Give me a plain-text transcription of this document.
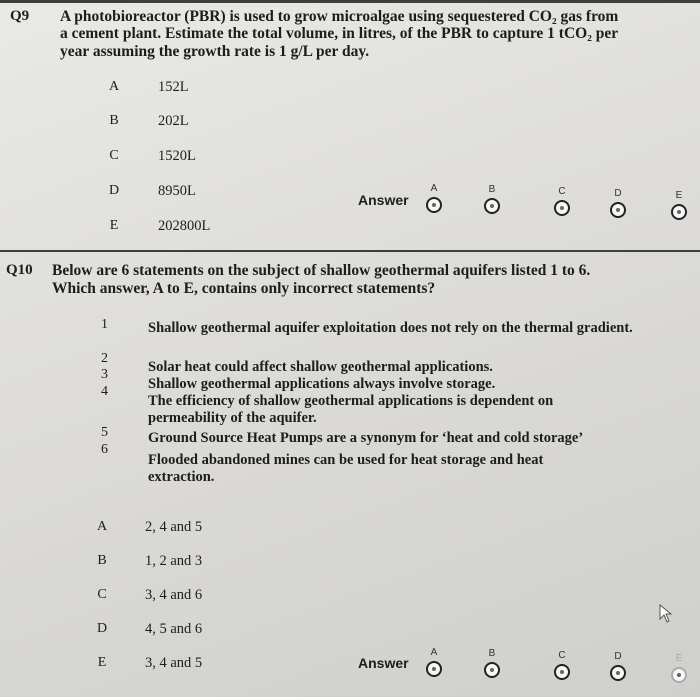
Q9 A photobioreactor (PBR) is used to grow microalgae using sequestered CO₂ gas from
a cement plant. Estimate the total volume, in litres, of the PBR to capture 1 tCO₂ per
year assuming the growth rate is 1 g/L per day.
A	152L
B	202L
C	1520L
D	8950L
E	202800L
Answer
A	B	C	D	E
Q10 Below are 6 statements on the subject of shallow geothermal aquifers listed 1 to 6.
Which answer, A to E, contains only incorrect statements?
1	Shallow geothermal aquifer exploitation does not rely on the thermal gradient.
2
Solar heat could affect shallow geothermal applications.
3
Shallow geothermal applications always involve storage.
4
The efficiency of shallow geothermal applications is dependent on permeability of the aquifer.
5	Ground Source Heat Pumps are a synonym for ‘heat and cold storage’
6
Flooded abandoned mines can be used for heat storage and heat extraction.
A	2, 4 and 5
B	1, 2 and 3
C	3, 4 and 6
D	4, 5 and 6
E	3, 4 and 5	Answer
A	B	C	D	E
